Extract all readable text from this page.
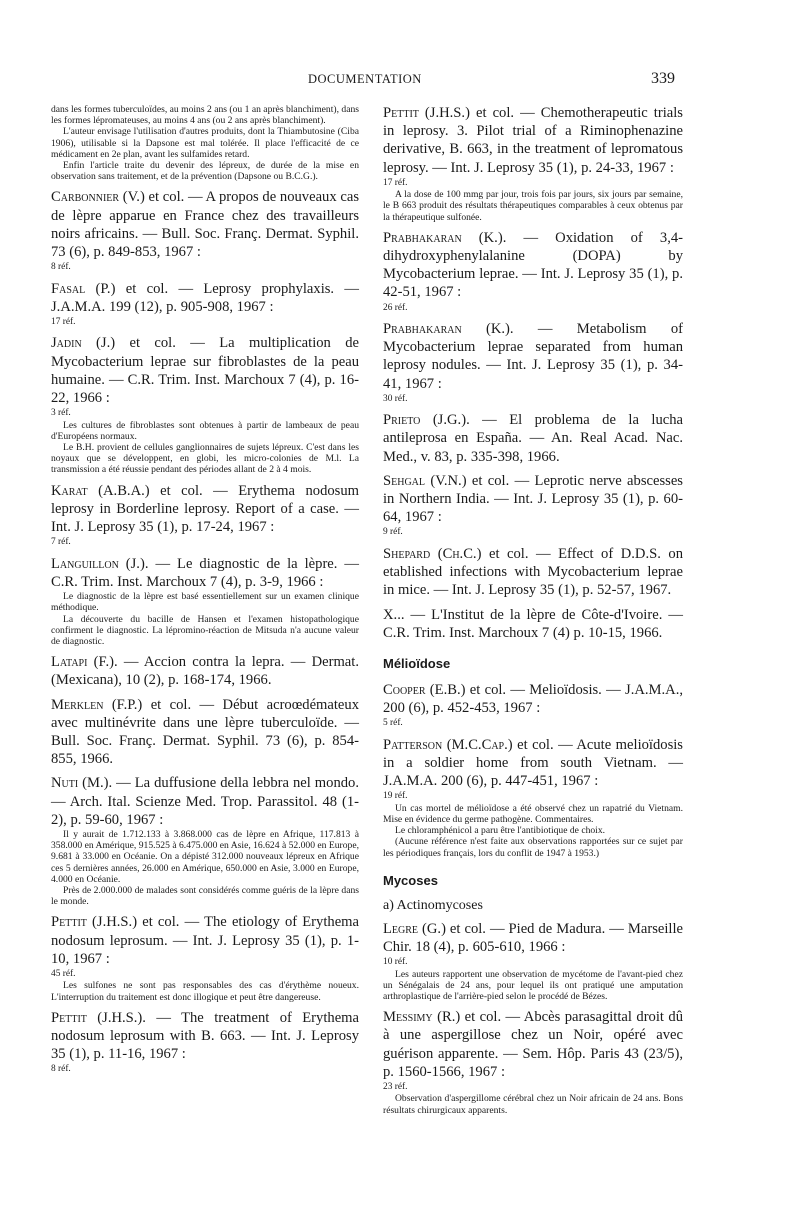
DOCUMENTATION	339

dans les formes tuberculoïdes, au moins 2 ans (ou 1 an après blanchiment), dans les formes lépromateuses, au moins 4 ans (ou 2 ans après blanchiment).

L'auteur envisage l'utilisation d'autres produits, dont la Thiambutosine (Ciba 1906), utilisable si la Dapsone est mal tolérée. Il place l'efficacité de ce médicament en 2e plan, avant les sulfamides retard.

Enfin l'article traite du devenir des lépreux, de durée de la mise en observation sans traitement, et de la prévention (Dapsone ou B.C.G.).

Carbonnier (V.) et col. — A propos de nouveaux cas de lèpre apparue en France chez des travailleurs noirs africains. — Bull. Soc. Franç. Dermat. Syphil. 73 (6), p. 849-853, 1967 :
8 réf.
Fasal (P.) et col. — Leprosy prophylaxis. — J.A.M.A. 199 (12), p. 905-908, 1967 :
17 réf.
Jadin (J.) et col. — La multiplication de Mycobacterium leprae sur fibroblastes de la peau humaine. — C.R. Trim. Inst. Marchoux 7 (4), p. 16-22, 1966 :
3 réf.

Les cultures de fibroblastes sont obtenues à partir de lambeaux de peau d'Européens normaux.

Le B.H. provient de cellules ganglionnaires de sujets lépreux. C'est dans les noyaux que se développent, en globi, les micro-colonies de M.l. La transmission a été réussie pendant des périodes allant de 2 à 4 mois.

Karat (A.B.A.) et col. — Erythema nodosum leprosy in Borderline leprosy. Report of a case. — Int. J. Leprosy 35 (1), p. 17-24, 1967 :
7 réf.
Languillon (J.). — Le diagnostic de la lèpre. — C.R. Trim. Inst. Marchoux 7 (4), p. 3-9, 1966 :

Le diagnostic de la lèpre est basé essentiellement sur un examen clinique méthodique.

La découverte du bacille de Hansen et l'examen histopathologique confirment le diagnostic. La léprominо-réaction de Mitsuda n'a aucune valeur de diagnostic.

Latapi (F.). — Accion contra la lepra. — Dermat. (Mexicana), 10 (2), p. 168-174, 1966.
Merklen (F.P.) et col. — Début acroœdémateux avec multinévrite dans une lèpre tuberculoïde. — Bull. Soc. Franç. Dermat. Syphil. 73 (6), p. 854-855, 1966.
Nuti (M.). — La duffusione della lebbra nel mondo. — Arch. Ital. Scienze Med. Trop. Parassitol. 48 (1-2), p. 59-60, 1967 :

Il y aurait de 1.712.133 à 3.868.000 cas de lèpre en Afrique, 117.813 à 358.000 en Amérique, 915.525 à 6.475.000 en Asie, 16.624 à 52.000 en Europe, 9.681 à 33.000 en Océanie. On a dépisté 312.000 nouveaux lépreux en Afrique ces 5 dernières années, 26.000 en Amérique, 650.000 en Asie, 3.000 en Europe, 4.000 en Océanie.

Près de 2.000.000 de malades sont considérés comme guéris de la lèpre dans le monde.

Pettit (J.H.S.) et col. — The etiology of Erythema nodosum leprosum. — Int. J. Leprosy 35 (1), p. 1-10, 1967 :
45 réf.

Les sulfones ne sont pas responsables des cas d'érythème noueux. L'interruption du traitement est donc illogique et peut être dangereuse.

Pettit (J.H.S.). — The treatment of Erythema nodosum leprosum with B. 663. — Int. J. Leprosy 35 (1), p. 11-16, 1967 :
8 réf.
Pettit (J.H.S.) et col. — Chemotherapeutic trials in leprosy. 3. Pilot trial of a Riminophenazine derivative, B. 663, in the treatment of lepromatous leprosy. — Int. J. Leprosy 35 (1), p. 24-33, 1967 :
17 réf.

A la dose de 100 mmg par jour, trois fois par jours, six jours par semaine, le B 663 produit des résultats thérapeutiques comparables à ceux obtenus par la thérapeutique sulfonée.

Prabhakaran (K.). — Oxidation of 3,4-dihydroxyphenylalanine (DOPA) by Mycobacterium leprae. — Int. J. Leprosy 35 (1), p. 42-51, 1967 :
26 réf.
Prabhakaran (K.). — Metabolism of Mycobacterium leprae separated from human leprosy nodules. — Int. J. Leprosy 35 (1), p. 34-41, 1967 :
30 réf.
Prieto (J.G.). — El problema de la lucha antileprosa en España. — An. Real Acad. Nac. Med., v. 83, p. 335-398, 1966.
Sehgal (V.N.) et col. — Leprotic nerve abscesses in Northern India. — Int. J. Leprosy 35 (1), p. 60-64, 1967 :
9 réf.
Shepard (Ch.C.) et col. — Effect of D.D.S. on etablished infections with Mycobacterium leprae in mice. — Int. J. Leprosy 35 (1), p. 52-57, 1967.
X... — L'Institut de la lèpre de Côte-d'Ivoire. — C.R. Trim. Inst. Marchoux 7 (4) p. 10-15, 1966.
Mélioïdose
Cooper (E.B.) et col. — Melioïdosis. — J.A.M.A., 200 (6), p. 452-453, 1967 :
5 réf.
Patterson (M.C.Cap.) et col. — Acute melioïdosis in a soldier home from south Vietnam. — J.A.M.A. 200 (6), p. 447-451, 1967 :
19 réf.

Un cas mortel de mélioïdose a été observé chez un rapatrié du Vietnam. Mise en évidence du germe pathogène. Commentaires.

Le chloramphénicol a paru être l'antibiotique de choix.

(Aucune référence n'est faite aux observations rapportées sur ce sujet par les périodiques français, lors du conflit de 1947 à 1953.)

Mycoses
a) Actinomycoses
Legre (G.) et col. — Pied de Madura. — Marseille Chir. 18 (4), p. 605-610, 1966 :
10 réf.

Les auteurs rapportent une observation de mycétome de l'avant-pied chez un Sénégalais de 24 ans, pour lequel ils ont pratiqué une amputation arthroplastique de l'arrière-pied selon le procédé de Bézes.

Messimy (R.) et col. — Abcès parasagittal droit dû à une aspergillose chez un Noir, opéré avec guérison apparente. — Sem. Hôp. Paris 43 (23/5), p. 1560-1566, 1967 :
23 réf.

Observation d'aspergillome cérébral chez un Noir africain de 24 ans. Bons résultats chirurgicaux apparents.
